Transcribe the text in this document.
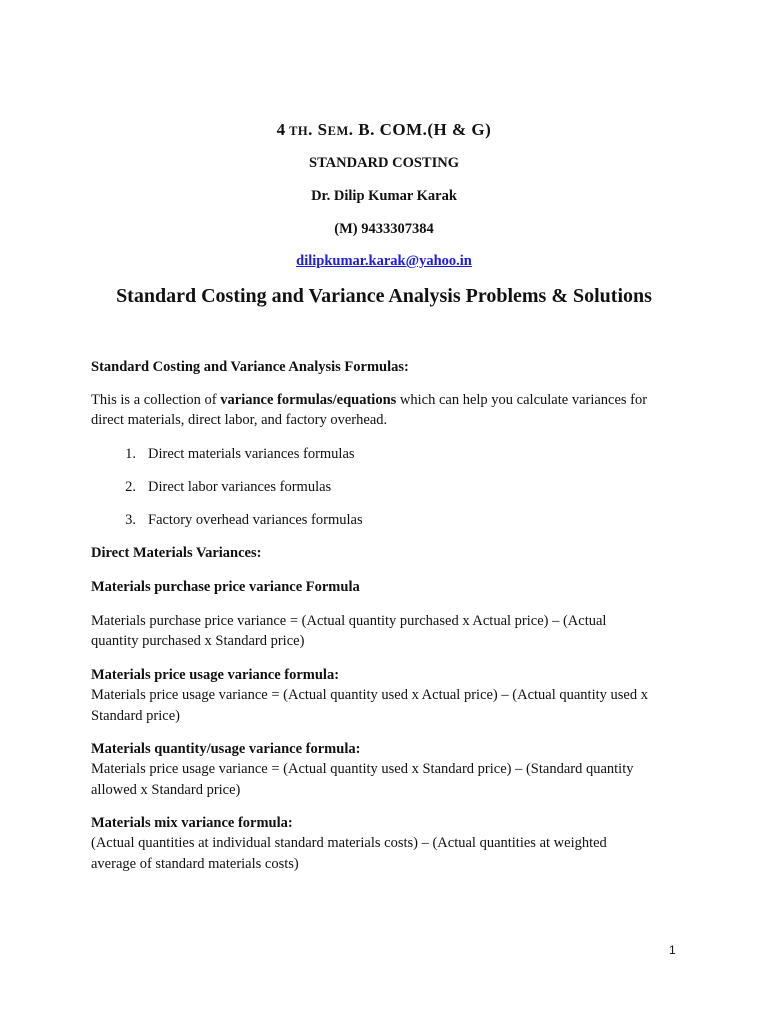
4 TH. SEM. B. COM.(H & G)
STANDARD COSTING
Dr. Dilip Kumar Karak
(M) 9433307384
dilipkumar.karak@yahoo.in
Standard Costing and Variance Analysis Problems & Solutions
Standard Costing and Variance Analysis Formulas:
This is a collection of variance formulas/equations which can help you calculate variances for
direct materials, direct labor, and factory overhead.
1. Direct materials variances formulas
2. Direct labor variances formulas
3. Factory overhead variances formulas
Direct Materials Variances:
Materials purchase price variance Formula
Materials purchase price variance = (Actual quantity purchased x Actual price) – (Actual
quantity purchased x Standard price)
Materials price usage variance formula:
Materials price usage variance = (Actual quantity used x Actual price) – (Actual quantity used x
Standard price)
Materials quantity/usage variance formula:
Materials price usage variance = (Actual quantity used x Standard price) – (Standard quantity
allowed x Standard price)
Materials mix variance formula:
(Actual quantities at individual standard materials costs) – (Actual quantities at weighted
average of standard materials costs)
1
